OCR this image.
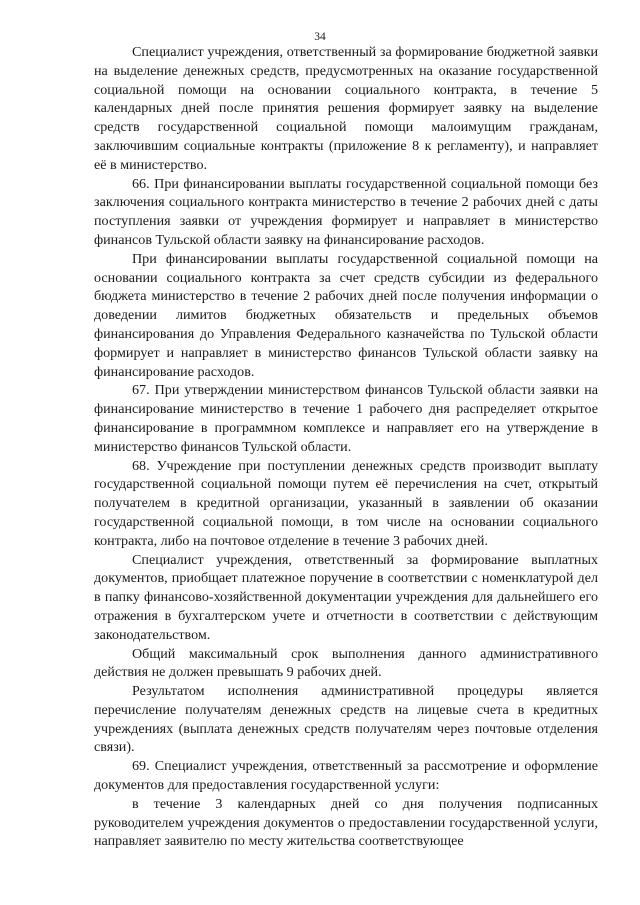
34

Специалист учреждения, ответственный за формирование бюджетной заявки на выделение денежных средств, предусмотренных на оказание государственной социальной помощи на основании социального контракта, в течение 5 календарных дней после принятия решения формирует заявку на выделение средств государственной социальной помощи малоимущим гражданам, заключившим социальные контракты (приложение 8 к регламенту), и направляет её в министерство.

66. При финансировании выплаты государственной социальной помощи без заключения социального контракта министерство в течение 2 рабочих дней с даты поступления заявки от учреждения формирует и направляет в министерство финансов Тульской области заявку на финансирование расходов.

При финансировании выплаты государственной социальной помощи на основании социального контракта за счет средств субсидии из федерального бюджета министерство в течение 2 рабочих дней после получения информации о доведении лимитов бюджетных обязательств и предельных объемов финансирования до Управления Федерального казначейства по Тульской области формирует и направляет в министерство финансов Тульской области заявку на финансирование расходов.

67. При утверждении министерством финансов Тульской области заявки на финансирование министерство в течение 1 рабочего дня распределяет открытое финансирование в программном комплексе и направляет его на утверждение в министерство финансов Тульской области.

68. Учреждение при поступлении денежных средств производит выплату государственной социальной помощи путем её перечисления на счет, открытый получателем в кредитной организации, указанный в заявлении об оказании государственной социальной помощи, в том числе на основании социального контракта, либо на почтовое отделение в течение 3 рабочих дней.

Специалист учреждения, ответственный за формирование выплатных документов, приобщает платежное поручение в соответствии с номенклатурой дел в папку финансово-хозяйственной документации учреждения для дальнейшего его отражения в бухгалтерском учете и отчетности в соответствии с действующим законодательством.

Общий максимальный срок выполнения данного административного действия не должен превышать 9 рабочих дней.

Результатом исполнения административной процедуры является перечисление получателям денежных средств на лицевые счета в кредитных учреждениях (выплата денежных средств получателям через почтовые отделения связи).

69. Специалист учреждения, ответственный за рассмотрение и оформление документов для предоставления государственной услуги:

в течение 3 календарных дней со дня получения подписанных руководителем учреждения документов о предоставлении государственной услуги, направляет заявителю по месту жительства соответствующее
